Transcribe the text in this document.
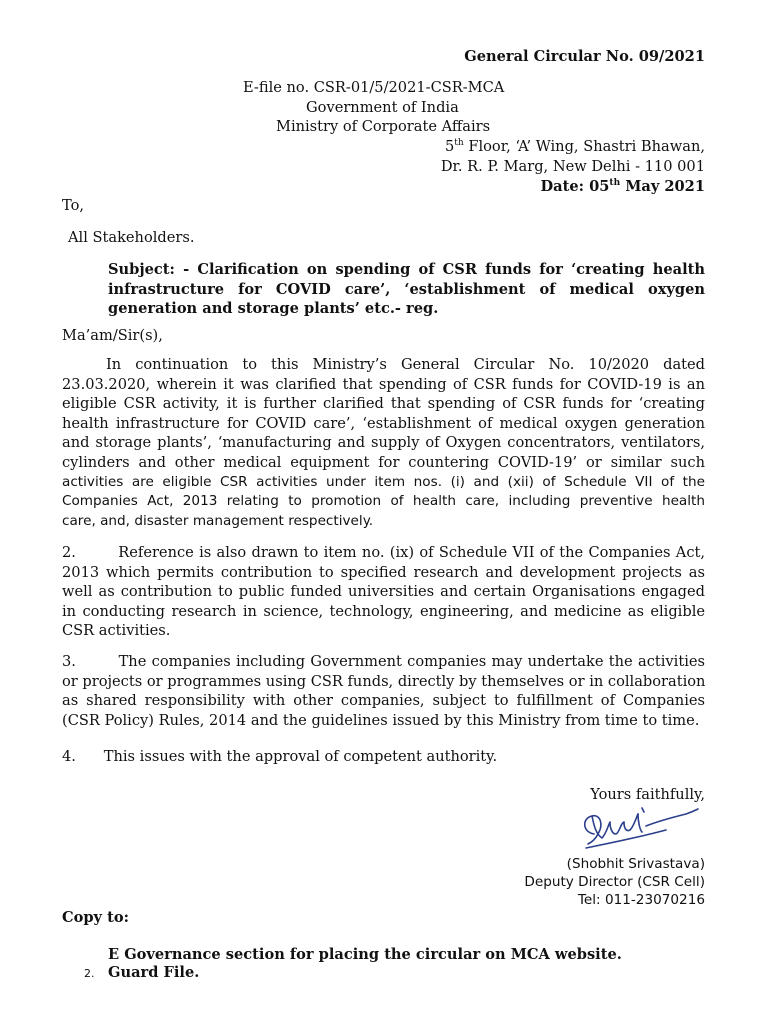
General Circular No. 09/2021
E-file no. CSR-01/5/2021-CSR-MCA
Government of India
Ministry of Corporate Affairs
5th Floor, ‘A’ Wing, Shastri Bhawan,
Dr. R. P. Marg, New Delhi - 110 001
Date: 05th May 2021
To,
All Stakeholders.
Subject: - Clarification on spending of CSR funds for ‘creating health
infrastructure for COVID care’, ‘establishment of medical oxygen
generation and storage plants’ etc.- reg.
Ma’am/Sir(s),
In continuation to this Ministry’s General Circular No. 10/2020 dated
23.03.2020, wherein it was clarified that spending of CSR funds for COVID-19 is an
eligible CSR activity, it is further clarified that spending of CSR funds for ‘creating
health infrastructure for COVID care’, ‘establishment of medical oxygen generation
and storage plants’, ‘manufacturing and supply of Oxygen concentrators, ventilators,
cylinders and other medical equipment for countering COVID-19’ or similar such
activities are eligible CSR activities under item nos. (i) and (xii) of Schedule VII of the
Companies Act, 2013 relating to promotion of health care, including preventive health
care, and, disaster management respectively.
2.        Reference is also drawn to item no. (ix) of Schedule VII of the Companies Act,
2013 which permits contribution to specified research and development projects as
well as contribution to public funded universities and certain Organisations engaged
in conducting research in science, technology, engineering, and medicine as eligible
CSR activities.
3.        The companies including Government companies may undertake the activities
or projects or programmes using CSR funds, directly by themselves or in collaboration
as shared responsibility with other companies, subject to fulfillment of Companies
(CSR Policy) Rules, 2014 and the guidelines issued by this Ministry from time to time.
4.      This issues with the approval of competent authority.
Yours faithfully,
(Shobhit Srivastava)
Deputy Director (CSR Cell)
Tel: 011-23070216
Copy to:
E Governance section for placing the circular on MCA website.
2. Guard File.
